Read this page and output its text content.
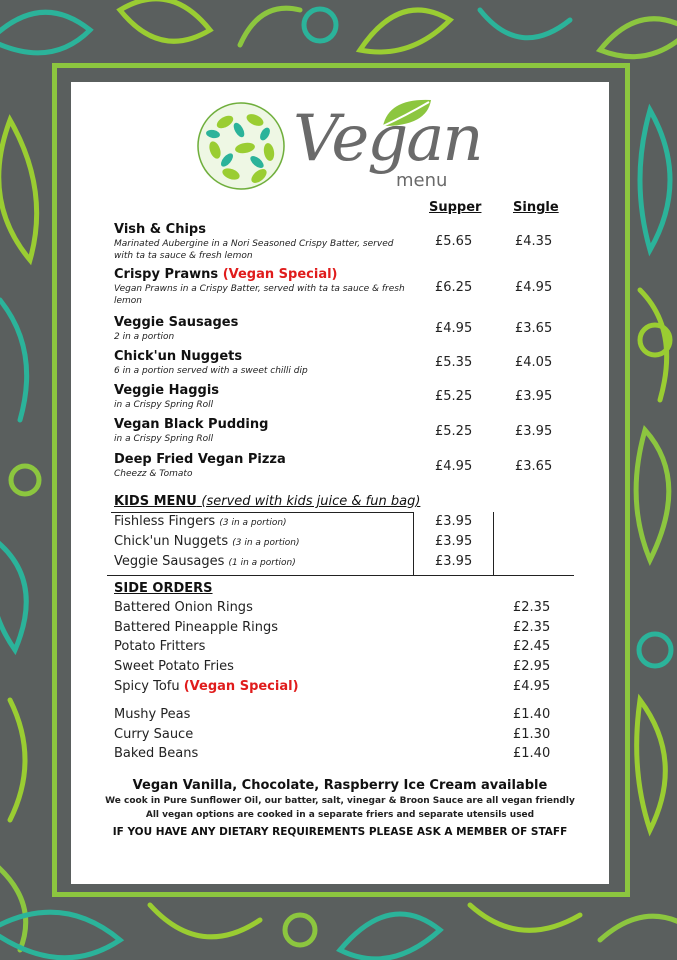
Vegan
menu
Supper Single
Vish & Chips
Marinated Aubergine in a Nori Seasoned Crispy Batter, served with ta ta sauce & fresh lemon
£5.65	£4.35
Crispy Prawns (Vegan Special)
Vegan Prawns in a Crispy Batter, served with ta ta sauce & fresh lemon
£6.25	£4.95
Veggie Sausages
2 in a portion
£4.95	£3.65
Chick'un Nuggets
6 in a portion served with a sweet chilli dip
£5.35	£4.05
Veggie Haggis
in a Crispy Spring Roll
£5.25	£3.95
Vegan Black Pudding
in a Crispy Spring Roll	£5.25	£3.95
Deep Fried Vegan Pizza
Cheezz & Tomato	£4.95	£3.65
KIDS MENU (served with kids juice & fun bag)
Fishless Fingers (3 in a portion)	£3.95
Chick'un Nuggets (3 in a portion)	£3.95
Veggie Sausages (1 in a portion)	£3.95
SIDE ORDERS
Battered Onion Rings	£2.35
Battered Pineapple Rings	£2.35
Potato Fritters	£2.45
Sweet Potato Fries	£2.95
Spicy Tofu (Vegan Special)	£4.95
Mushy Peas	£1.40
Curry Sauce	£1.30
Baked Beans	£1.40
Vegan Vanilla, Chocolate, Raspberry Ice Cream available
We cook in Pure Sunflower Oil, our batter, salt, vinegar & Broon Sauce are all vegan friendly
All vegan options are cooked in a separate friers and separate utensils used
IF YOU HAVE ANY DIETARY REQUIREMENTS PLEASE ASK A MEMBER OF STAFF
